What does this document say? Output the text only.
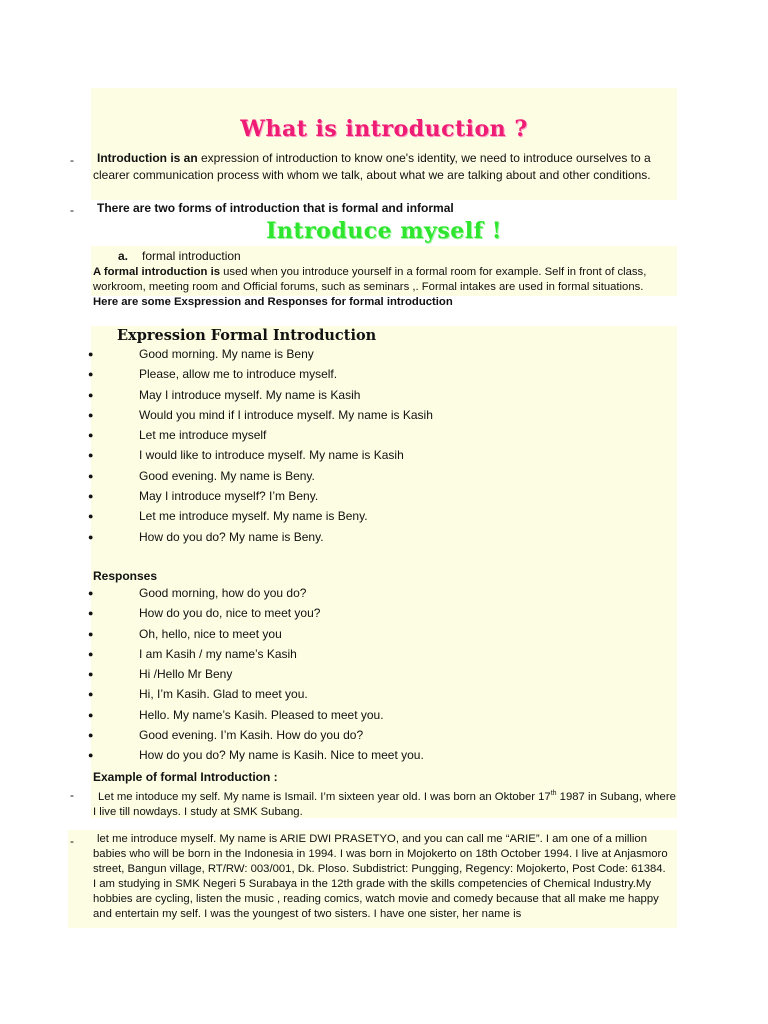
What is introduction ?
-	Introduction is an expression of introduction to know one's identity, we need to introduce ourselves to a clearer communication process with whom we talk, about what we are talking about and other conditions.
-	There are two forms of introduction that is formal and informal
Introduce myself !
a. formal introduction
A formal introduction is used when you introduce yourself in a formal room for example. Self in front of class, workroom, meeting room and Official forums, such as seminars ,. Formal intakes are used in formal situations.
Here are some Exspression and Responses for formal introduction
Expression Formal Introduction
●	Good morning. My name is Beny
●	Please, allow me to introduce myself.
●	May I introduce myself. My name is Kasih
●	Would you mind if I introduce myself. My name is Kasih
●	Let me introduce myself
●	I would like to introduce myself. My name is Kasih
●	Good evening. My name is Beny.
●	May I introduce myself? I’m Beny.
●	Let me introduce myself. My name is Beny.
●	How do you do? My name is Beny.
Responses
●	Good morning, how do you do?
●	How do you do, nice to meet you?
●	Oh, hello, nice to meet you
●	I am Kasih / my name’s Kasih
●	Hi /Hello Mr Beny
●	Hi, I’m Kasih. Glad to meet you.
●	Hello. My name’s Kasih. Pleased to meet you.
●	Good evening. I’m Kasih. How do you do?
●	How do you do? My name is Kasih. Nice to meet you.
Example of formal Introduction :
-	Let me intoduce my self. My name is Ismail. I’m sixteen year old. I was born an Oktober 17th 1987 in Subang, where I live till nowdays. I study at SMK Subang.
-	let me introduce myself. My name is ARIE DWI PRASETYO, and you can call me “ARIE”. I am one of a million babies who will be born in the Indonesia in 1994. I was born in Mojokerto on 18th October 1994. I live at Anjasmoro street, Bangun village, RT/RW: 003/001, Dk. Ploso. Subdistrict: Pungging, Regency: Mojokerto, Post Code: 61384. I am studying in SMK Negeri 5 Surabaya in the 12th grade with the skills competencies of Chemical Industry.My hobbies are cycling, listen the music , reading comics, watch movie and comedy because that all make me happy and entertain my self. I was the youngest of two sisters. I have one sister, her name is
